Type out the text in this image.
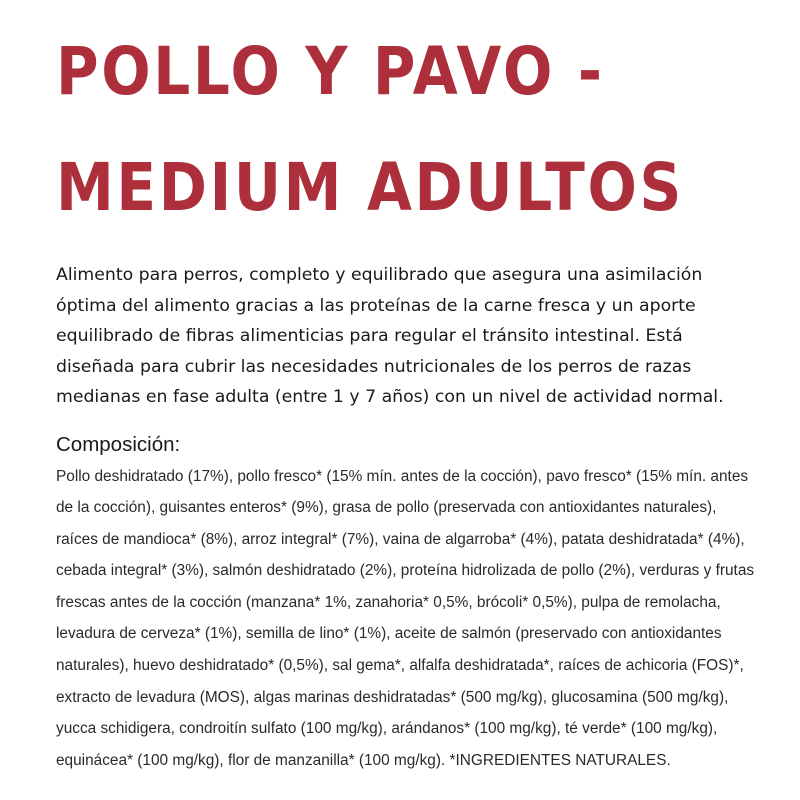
POLLO Y PAVO -
MEDIUM ADULTOS

Alimento para perros, completo y equilibrado que asegura una asimilación óptima del alimento gracias a las proteínas de la carne fresca y un aporte equilibrado de fibras alimenticias para regular el tránsito intestinal. Está diseñada para cubrir las necesidades nutricionales de los perros de razas medianas en fase adulta (entre 1 y 7 años) con un nivel de actividad normal.

Composición:

Pollo deshidratado (17%), pollo fresco* (15% mín. antes de la cocción), pavo fresco* (15% mín. antes de la cocción), guisantes enteros* (9%), grasa de pollo (preservada con antioxidantes naturales), raíces de mandioca* (8%), arroz integral* (7%), vaina de algarroba* (4%), patata deshidratada* (4%), cebada integral* (3%), salmón deshidratado (2%), proteína hidrolizada de pollo (2%), verduras y frutas frescas antes de la cocción (manzana* 1%, zanahoria* 0,5%, brócoli* 0,5%), pulpa de remolacha, levadura de cerveza* (1%), semilla de lino* (1%), aceite de salmón (preservado con antioxidantes naturales), huevo deshidratado* (0,5%), sal gema*, alfalfa deshidratada*, raíces de achicoria (FOS)*, extracto de levadura (MOS), algas marinas deshidratadas* (500 mg/kg), glucosamina (500 mg/kg), yucca schidigera, condroitín sulfato (100 mg/kg), arándanos* (100 mg/kg), té verde* (100 mg/kg), equinácea* (100 mg/kg), flor de manzanilla* (100 mg/kg). *INGREDIENTES NATURALES.
